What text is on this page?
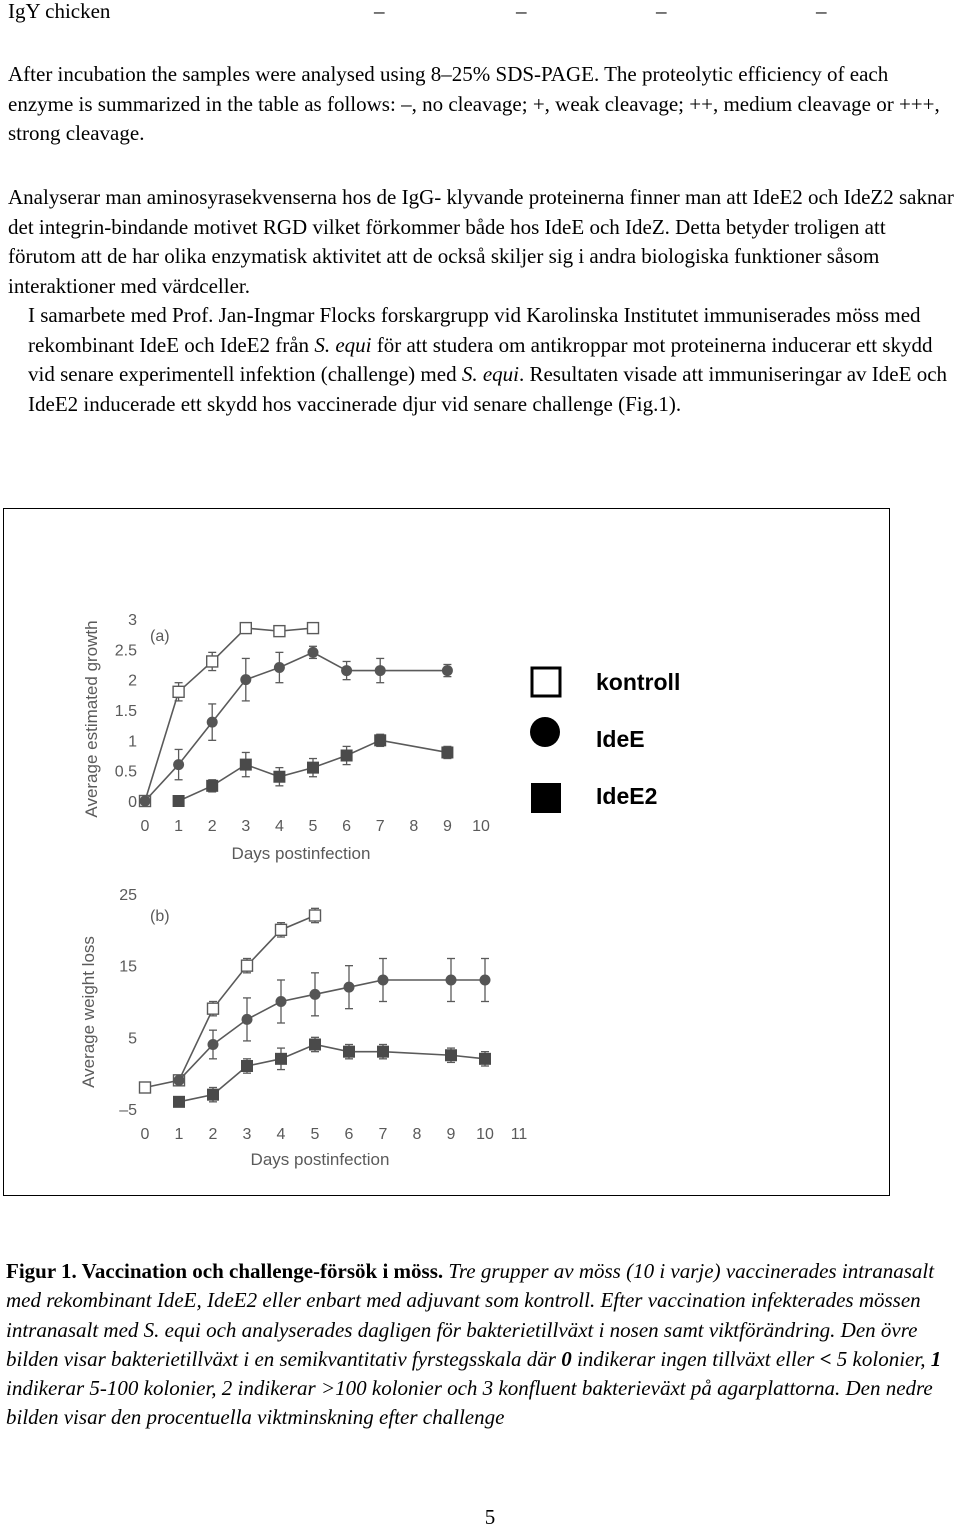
IgY chicken	–	–	–	–

After incubation the samples were analysed using 8–25% SDS-PAGE. The proteolytic efficiency of each enzyme is summarized in the table as follows: –, no cleavage; +, weak cleavage; ++, medium cleavage or +++, strong cleavage.

Analyserar man aminosyrasekvenserna hos de IgG- klyvande proteinerna finner man att IdeE2 och IdeZ2 saknar det integrin-bindande motivet RGD vilket förkommer både hos IdeE och IdeZ. Detta betyder troligen att förutom att de har olika enzymatisk aktivitet att de också skiljer sig i andra biologiska funktioner såsom interaktioner med värdceller.

I samarbete med Prof. Jan-Ingmar Flocks forskargrupp vid Karolinska Institutet immuniserades möss med rekombinant IdeE och IdeE2 från S. equi för att studera om antikroppar mot proteinerna inducerar ett skydd vid senare experimentell infektion (challenge) med S. equi. Resultaten visade att immuniseringar av IdeE och IdeE2 inducerade ett skydd hos vaccinerade djur vid senare challenge (Fig.1).

0
0.5
1
1.5
2
2.5
3
0 1 2 3 4 5 6 7 8 9 10
Days postinfection
Average estimated growth	(a)
–5
5
15
25
0 1 2 3 4 5 6 7 8 9 10 11
Days postinfection
Average weight loss
(b)
kontroll
IdeE
IdeE2

Figur 1. Vaccination och challenge-försök i möss. Tre grupper av möss (10 i varje) vaccinerades intranasalt med rekombinant IdeE, IdeE2 eller enbart med adjuvant som kontroll. Efter vaccination infekterades mössen intranasalt med S. equi och analyserades dagligen för bakterietillväxt i nosen samt viktförändring. Den övre bilden visar bakterietillväxt i en semikvantitativ fyrstegsskala där 0 indikerar ingen tillväxt eller < 5 kolonier, 1 indikerar 5-100 kolonier, 2 indikerar >100 kolonier och 3 konfluent bakterieväxt på agarplattorna. Den nedre bilden visar den procentuella viktminskning efter challenge

5
